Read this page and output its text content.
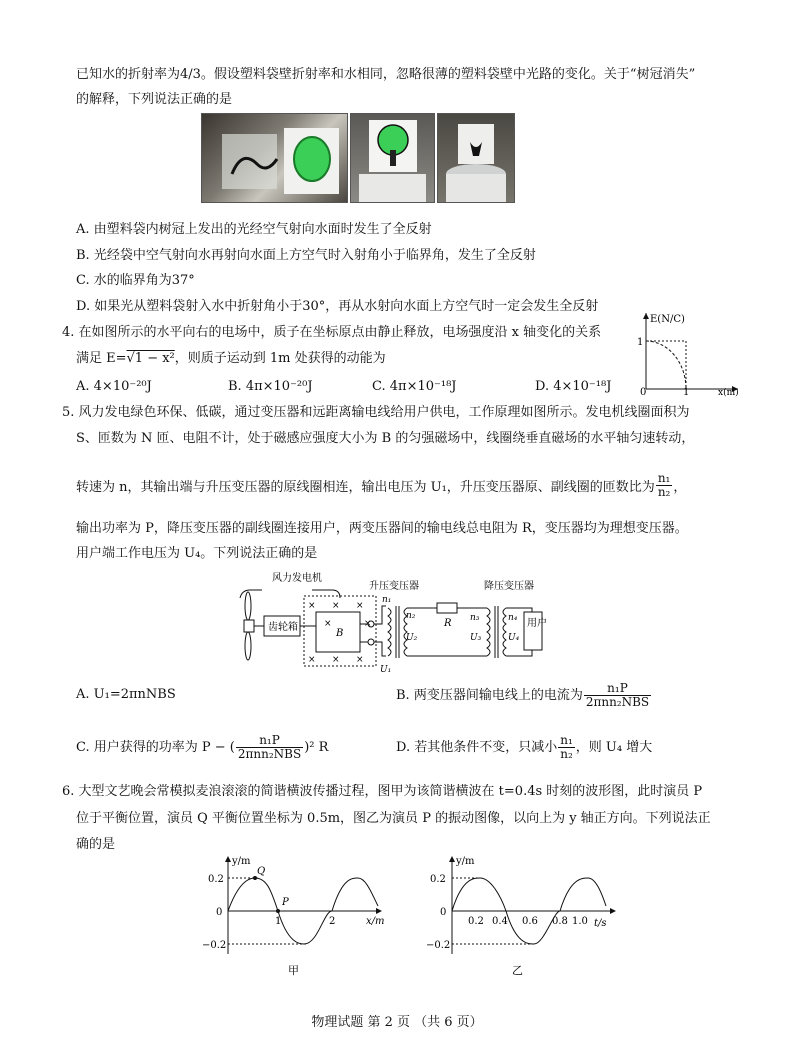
已知水的折射率为4/3。假设塑料袋壁折射率和水相同，忽略很薄的塑料袋壁中光路的变化。关于“树冠消失”
的解释，下列说法正确的是
A. 由塑料袋内树冠上发出的光经空气射向水面时发生了全反射
B. 光经袋中空气射向水再射向水面上方空气时入射角小于临界角，发生了全反射
C. 水的临界角为37°
D. 如果光从塑料袋射入水中折射角小于30°，再从水射向水面上方空气时一定会发生全反射
4. 在如图所示的水平向右的电场中，质子在坐标原点由静止释放，电场强度沿 x 轴变化的关系
满足 E=√1 − x²，则质子运动到 1m 处获得的动能为
A. 4×10⁻²⁰J	B. 4π×10⁻²⁰J	C. 4π×10⁻¹⁸J	D. 4×10⁻¹⁸J
E(N/C)
1
0	1	x(m)
5. 风力发电绿色环保、低碳，通过变压器和远距离输电线给用户供电，工作原理如图所示。发电机线圈面积为
S、匝数为 N 匝、电阻不计，处于磁感应强度大小为 B 的匀强磁场中，线圈绕垂直磁场的水平轴匀速转动，
转速为 n，其输出端与升压变压器的原线圈相连，输出电压为 U₁，升压变压器原、副线圈的匝数比为 $\frac{\text{n₁}}{\text{n₂}}$ ，
输出功率为 P，降压变压器的副线圈连接用户，两变压器间的输电线总电阻为 R，变压器均为理想变压器。
用户端工作电压为 U₄。下列说法正确的是
风力发电机
升压变压器	降压变压器
齿轮箱
B
× × ×
×	×
× × ×
n₁
n₂
U₂
U₁
R n₃
U₃
n₄
U₄
用户
A. U₁=2πnNBS	B. 两变压器间输电线上的电流为	n₁P
2πnn₂NBS
C. 用户获得的功率为 P − (	n₁P
2πnn₂NBS )² R	D. 若其他条件不变，只减小 $\frac{\text{n₁}}{\text{n₂}}$ ，则 U₄ 增大
6. 大型文艺晚会常模拟麦浪滚滚的简谐横波传播过程，图甲为该简谐横波在 t=0.4s 时刻的波形图，此时演员 P
位于平衡位置，演员 Q 平衡位置坐标为 0.5m，图乙为演员 P 的振动图像，以向上为 y 轴正方向。下列说法正
确的是
Q
P
y/m
x/m
0.2
0
−0.2
1	2
甲
y/m
t/s
0.2
0
−0.2
0.2 0.4 0.6 0.8 1.0
乙
物理试题 第 2 页 （共 6 页）
